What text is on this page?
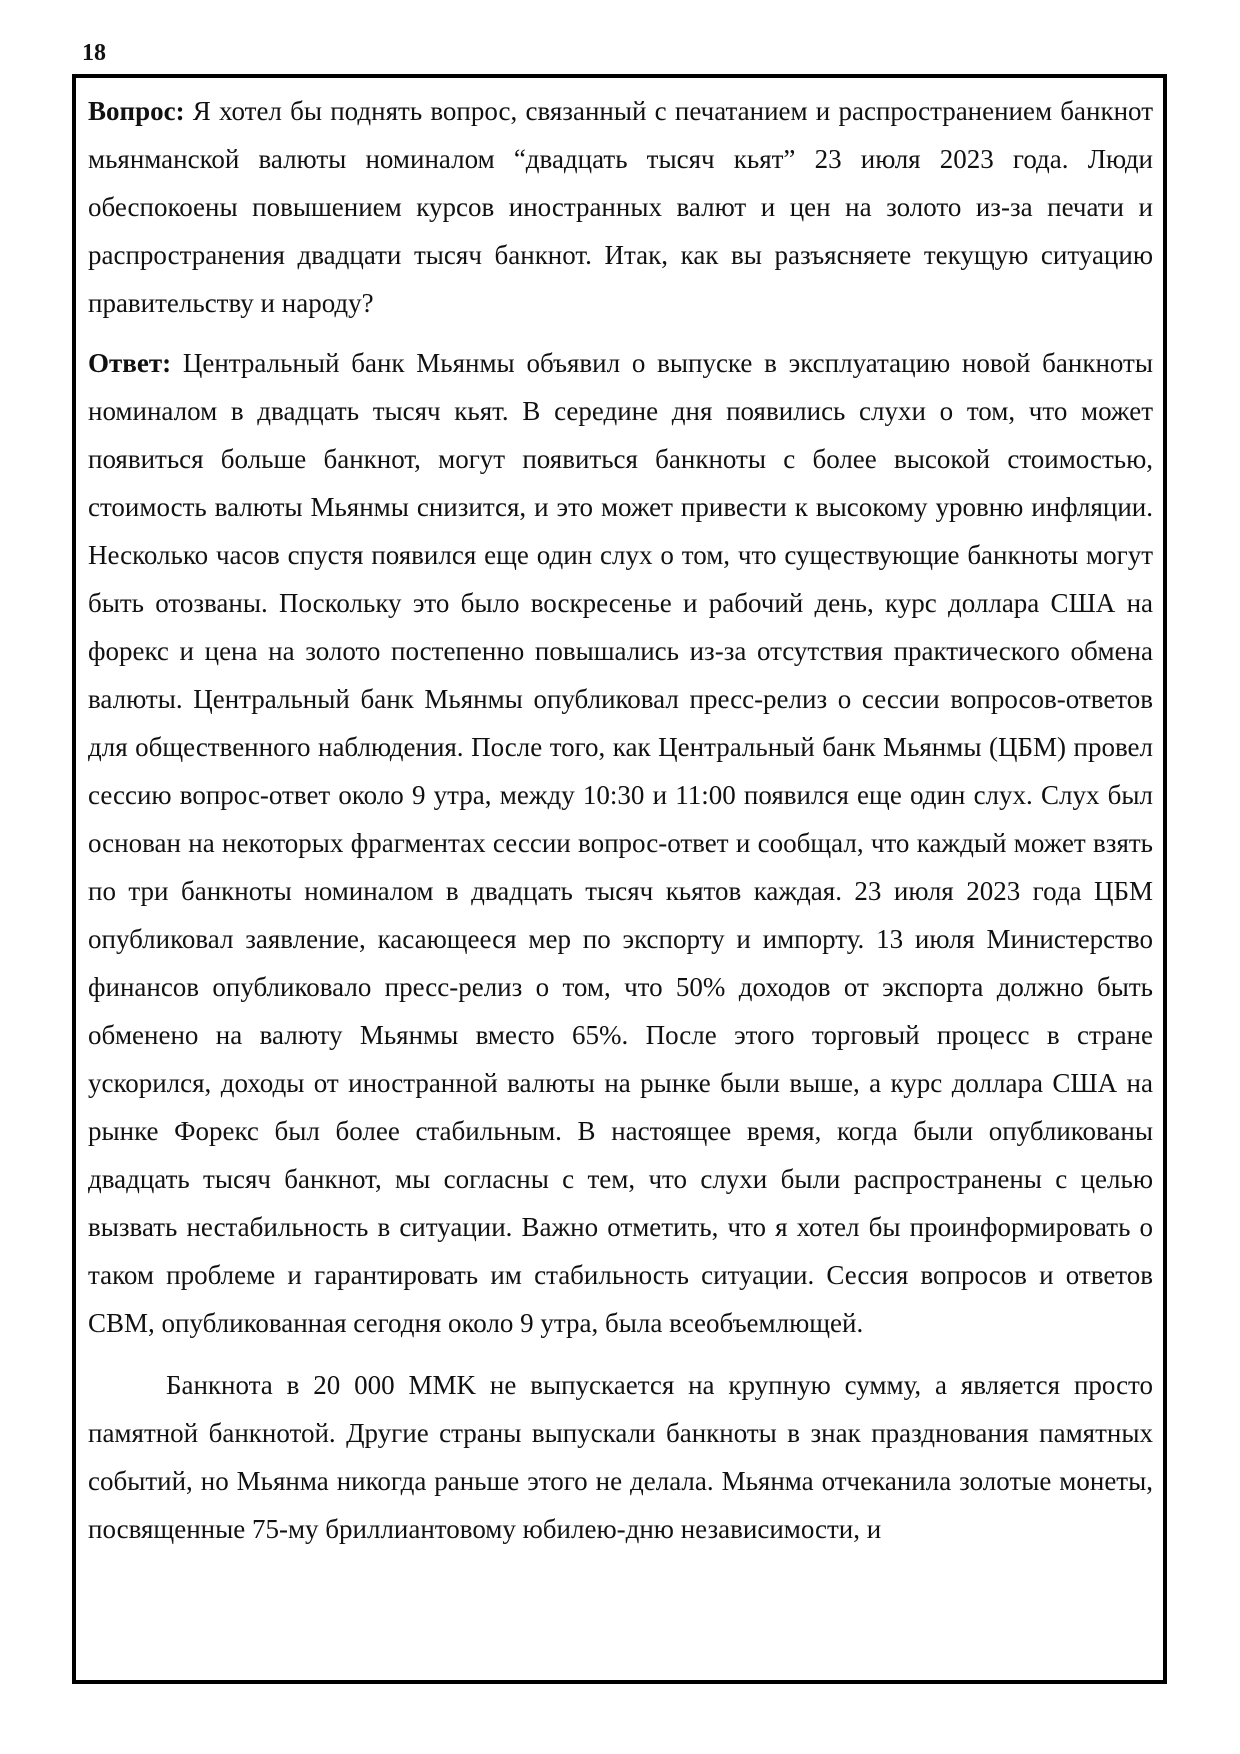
18

Вопрос: Я хотел бы поднять вопрос, связанный с печатанием и распространением банкнот мьянманской валюты номиналом “двадцать тысяч кьят” 23 июля 2023 года. Люди обеспокоены повышением курсов иностранных валют и цен на золото из-за печати и распространения двадцати тысяч банкнот. Итак, как вы разъясняете текущую ситуацию правительству и народу?

Ответ: Центральный банк Мьянмы объявил о выпуске в эксплуатацию новой банкноты номиналом в двадцать тысяч кьят. В середине дня появились слухи о том, что может появиться больше банкнот, могут появиться банкноты с более высокой стоимостью, стоимость валюты Мьянмы снизится, и это может привести к высокому уровню инфляции. Несколько часов спустя появился еще один слух о том, что существующие банкноты могут быть отозваны. Поскольку это было воскресенье и рабочий день, курс доллара США на форекс и цена на золото постепенно повышались из-за отсутствия практического обмена валюты. Центральный банк Мьянмы опубликовал пресс-релиз о сессии вопросов-ответов для общественного наблюдения. После того, как Центральный банк Мьянмы (ЦБМ) провел сессию вопрос-ответ около 9 утра, между 10:30 и 11:00 появился еще один слух. Слух был основан на некоторых фрагментах сессии вопрос-ответ и сообщал, что каждый может взять по три банкноты номиналом в двадцать тысяч кьятов каждая. 23 июля 2023 года ЦБМ опубликовал заявление, касающееся мер по экспорту и импорту. 13 июля Министерство финансов опубликовало пресс-релиз о том, что 50% доходов от экспорта должно быть обменено на валюту Мьянмы вместо 65%. После этого торговый процесс в стране ускорился, доходы от иностранной валюты на рынке были выше, а курс доллара США на рынке Форекс был более стабильным. В настоящее время, когда были опубликованы двадцать тысяч банкнот, мы согласны с тем, что слухи были распространены с целью вызвать нестабильность в ситуации. Важно отметить, что я хотел бы проинформировать о таком проблеме и гарантировать им стабильность ситуации. Сессия вопросов и ответов CBM, опубликованная сегодня около 9 утра, была всеобъемлющей.

Банкнота в 20 000 MMK не выпускается на крупную сумму, а является просто памятной банкнотой. Другие страны выпускали банкноты в знак празднования памятных событий, но Мьянма никогда раньше этого не делала. Мьянма отчеканила золотые монеты, посвященные 75-му бриллиантовому юбилею-дню независимости, и
